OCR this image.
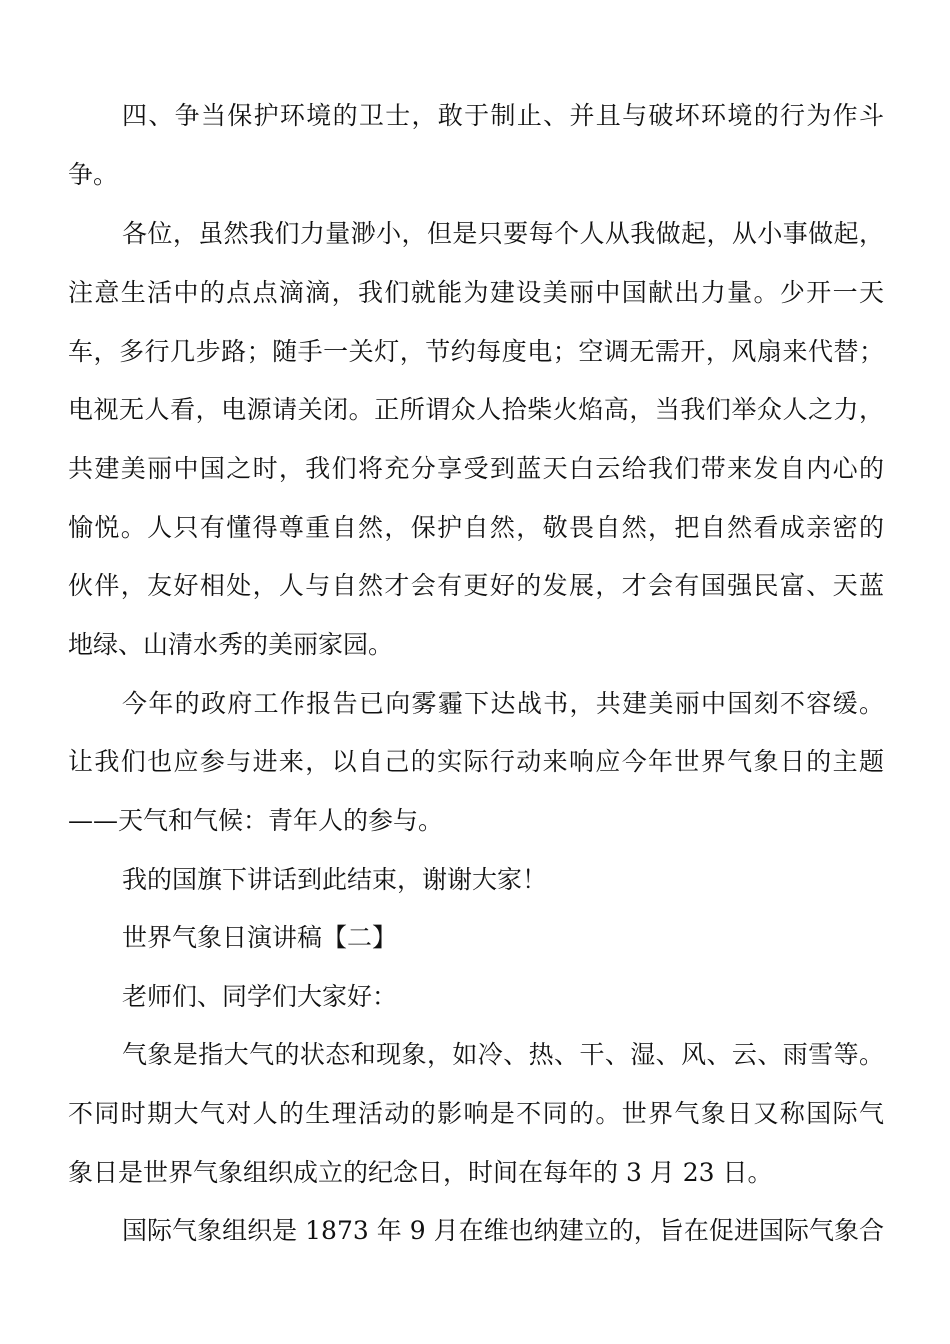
四、争当保护环境的卫士，敢于制止、并且与破坏环境的行为作斗
争。
各位，虽然我们力量渺小，但是只要每个人从我做起，从小事做起，
注意生活中的点点滴滴，我们就能为建设美丽中国献出力量。少开一天
车，多行几步路；随手一关灯，节约每度电；空调无需开，风扇来代替；
电视无人看，电源请关闭。正所谓众人拾柴火焰高，当我们举众人之力，
共建美丽中国之时，我们将充分享受到蓝天白云给我们带来发自内心的
愉悦。人只有懂得尊重自然，保护自然，敬畏自然，把自然看成亲密的
伙伴，友好相处，人与自然才会有更好的发展，才会有国强民富、天蓝
地绿、山清水秀的美丽家园。
今年的政府工作报告已向雾霾下达战书，共建美丽中国刻不容缓。
让我们也应参与进来，以自己的实际行动来响应今年世界气象日的主题
——天气和气候：青年人的参与。
我的国旗下讲话到此结束，谢谢大家！
世界气象日演讲稿【二】
老师们、同学们大家好：
气象是指大气的状态和现象，如冷、热、干、湿、风、云、雨雪等。
不同时期大气对人的生理活动的影响是不同的。世界气象日又称国际气
象日是世界气象组织成立的纪念日，时间在每年的 3 月 23 日。
国际气象组织是 1873 年 9 月在维也纳建立的，旨在促进国际气象合
